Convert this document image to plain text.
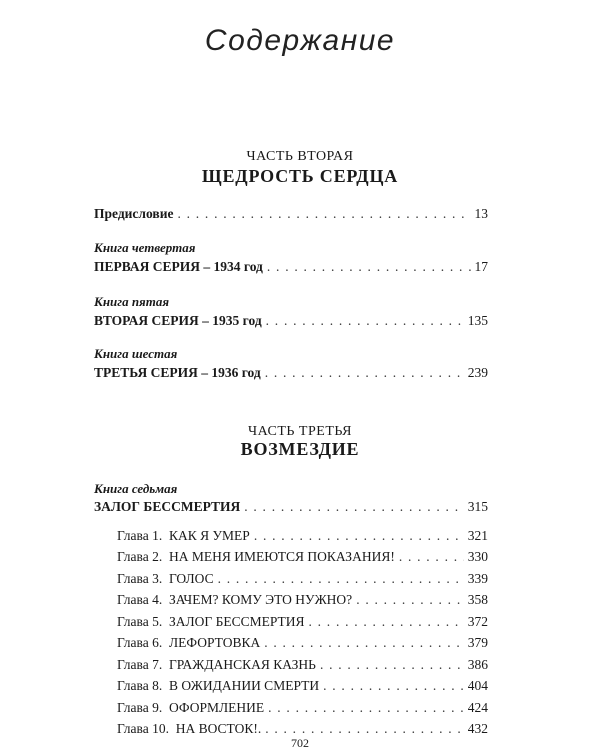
Содержание
ЧАСТЬ ВТОРАЯ
ЩЕДРОСТЬ СЕРДЦА
Предисловие . . .	13
Книга четвертая
ПЕРВАЯ СЕРИЯ – 1934 год . . .	17
Книга пятая
ВТОРАЯ СЕРИЯ – 1935 год . . .	135
Книга шестая
ТРЕТЬЯ СЕРИЯ – 1936 год . . .	239
ЧАСТЬ ТРЕТЬЯ
ВОЗМЕЗДИЕ
Книга седьмая
ЗАЛОГ БЕССМЕРТИЯ . . .	315
Глава 1. КАК Я УМЕР . . .	321
Глава 2. НА МЕНЯ ИМЕЮТСЯ ПОКАЗАНИЯ! . . .	330
Глава 3. ГОЛОС . . .	339
Глава 4. ЗАЧЕМ? КОМУ ЭТО НУЖНО? . . .	358
Глава 5. ЗАЛОГ БЕССМЕРТИЯ . . .	372
Глава 6. ЛЕФОРТОВКА . . .	379
Глава 7. ГРАЖДАНСКАЯ КАЗНЬ . . .	386
Глава 8. В ОЖИДАНИИ СМЕРТИ . . .	404
Глава 9. ОФОРМЛЕНИЕ . . .	424
Глава 10. НА ВОСТОК!. . . .	432
702
